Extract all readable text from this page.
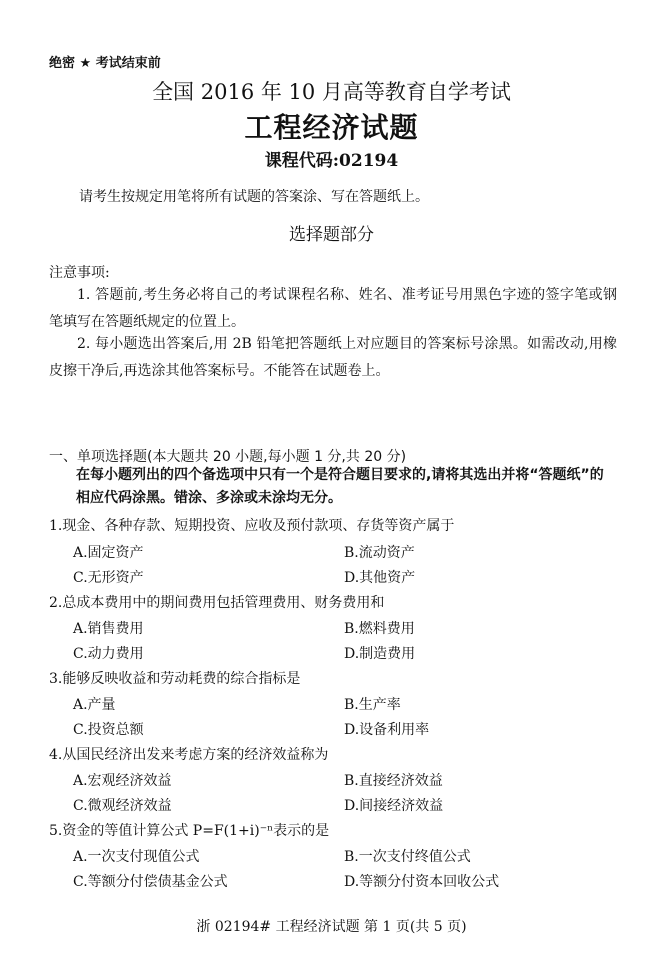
绝密 ★ 考试结束前
全国 2016 年 10 月高等教育自学考试
工程经济试题
课程代码:02194
请考生按规定用笔将所有试题的答案涂、写在答题纸上。
选择题部分
注意事项:
1. 答题前,考生务必将自己的考试课程名称、姓名、准考证号用黑色字迹的签字笔或钢笔填写在答题纸规定的位置上。
2. 每小题选出答案后,用 2B 铅笔把答题纸上对应题目的答案标号涂黑。如需改动,用橡皮擦干净后,再选涂其他答案标号。不能答在试题卷上。
一、单项选择题(本大题共 20 小题,每小题 1 分,共 20 分)
在每小题列出的四个备选项中只有一个是符合题目要求的,请将其选出并将“答题纸”的相应代码涂黑。错涂、多涂或未涂均无分。
1.现金、各种存款、短期投资、应收及预付款项、存货等资产属于
A.固定资产	B.流动资产
C.无形资产	D.其他资产
2.总成本费用中的期间费用包括管理费用、财务费用和
A.销售费用	B.燃料费用
C.动力费用	D.制造费用
3.能够反映收益和劳动耗费的综合指标是
A.产量	B.生产率
C.投资总额	D.设备利用率
4.从国民经济出发来考虑方案的经济效益称为
A.宏观经济效益	B.直接经济效益
C.微观经济效益	D.间接经济效益
5.资金的等值计算公式 P=F(1+i)⁻ⁿ表示的是
A.一次支付现值公式	B.一次支付终值公式
C.等额分付偿债基金公式	D.等额分付资本回收公式
浙 02194# 工程经济试题 第 1 页(共 5 页)
